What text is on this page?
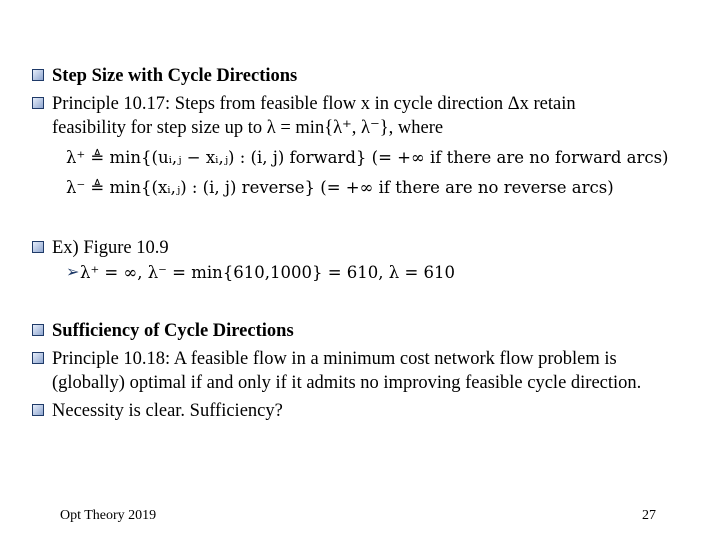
Step Size with Cycle Directions
Principle 10.17: Steps from feasible flow x in cycle direction Δx retain
feasibility for step size up to λ = min{λ⁺, λ⁻}, where
λ⁺ ≜ min{(uᵢ,ⱼ − xᵢ,ⱼ) : (i, j) forward} (= +∞ if there are no forward arcs)
λ⁻ ≜ min{(xᵢ,ⱼ) : (i, j) reverse} (= +∞ if there are no reverse arcs)
Ex) Figure 10.9
➢ λ⁺ = ∞, λ⁻ = min{610,1000} = 610, λ = 610
Sufficiency of Cycle Directions
Principle 10.18: A feasible flow in a minimum cost network flow problem is
(globally) optimal if and only if it admits no improving feasible cycle direction.
Necessity is clear. Sufficiency?
Opt Theory 2019	27
